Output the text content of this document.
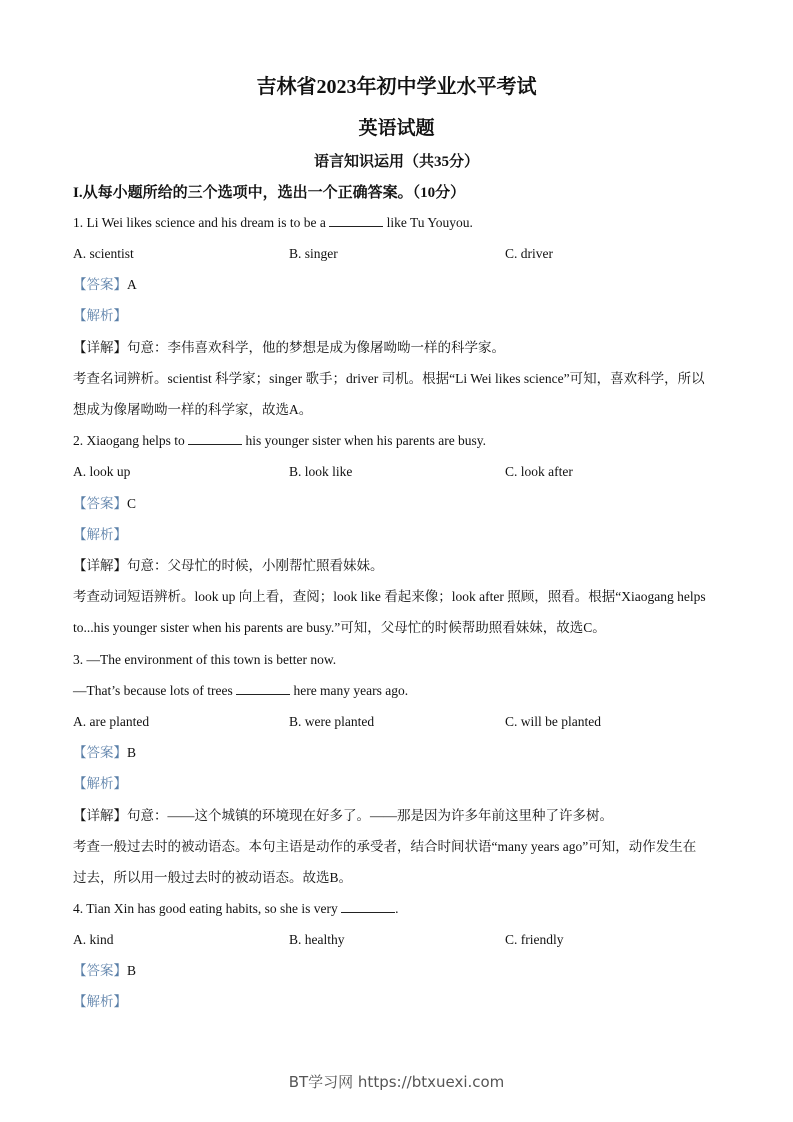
吉林省2023年初中学业水平考试
英语试题
语言知识运用（共35分）
I.从每小题所给的三个选项中，选出一个正确答案。（10分）
1. Li Wei likes science and his dream is to be a	like Tu Youyou.
A. scientist	B. singer	C. driver
【答案】A
【解析】
【详解】句意：李伟喜欢科学，他的梦想是成为像屠呦呦一样的科学家。
考查名词辨析。scientist 科学家；singer 歌手；driver 司机。根据“Li Wei likes science”可知，喜欢科学，所以
想成为像屠呦呦一样的科学家，故选A。
2. Xiaogang helps to	his younger sister when his parents are busy.
A. look up	B. look like	C. look after
【答案】C
【解析】
【详解】句意：父母忙的时候，小刚帮忙照看妹妹。
考查动词短语辨析。look up 向上看，查阅；look like 看起来像；look after 照顾，照看。根据“Xiaogang helps
to...his younger sister when his parents are busy.”可知，父母忙的时候帮助照看妹妹，故选C。
3. —The environment of this town is better now.
—That’s because lots of trees	here many years ago.
A. are planted	B. were planted	C. will be planted
【答案】B
【解析】
【详解】句意：——这个城镇的环境现在好多了。——那是因为许多年前这里种了许多树。
考查一般过去时的被动语态。本句主语是动作的承受者，结合时间状语“many years ago”可知，动作发生在
过去，所以用一般过去时的被动语态。故选B。
4. Tian Xin has good eating habits, so she is very	.
A. kind	B. healthy	C. friendly
【答案】B
【解析】
BT学习网 https://btxuexi.com
